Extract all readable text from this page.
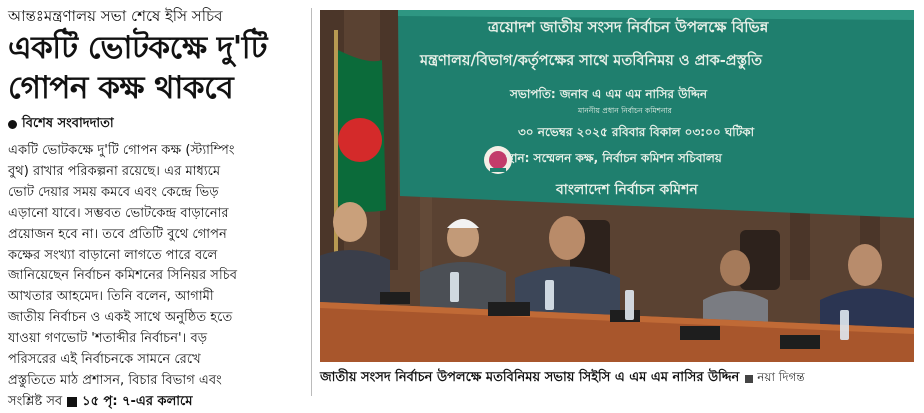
আন্তঃমন্ত্রণালয় সভা শেষে ইসি সচিব
একটি ভোটকক্ষে দু'টি
গোপন কক্ষ থাকবে
বিশেষ সংবাদদাতা
একটি ভোটকক্ষে দু'টি গোপন কক্ষ (স্ট্যাম্পিং
বুথ) রাখার পরিকল্পনা রয়েছে। এর মাধ্যমে
ভোট দেয়ার সময় কমবে এবং কেন্দ্রে ভিড়
এড়ানো যাবে। সম্ভবত ভোটকেন্দ্র বাড়ানোর
প্রয়োজন হবে না। তবে প্রতিটি বুথে গোপন
কক্ষের সংখ্যা বাড়ানো লাগতে পারে বলে
জানিয়েছেন নির্বাচন কমিশনের সিনিয়র সচিব
আখতার আহমেদ। তিনি বলেন, আগামী
জাতীয় নির্বাচন ও একই সাথে অনুষ্ঠিত হতে
যাওয়া গণভোট 'শতাব্দীর নির্বাচন'। বড়
পরিসরের এই নির্বাচনকে সামনে রেখে
প্রস্তুতিতে মাঠ প্রশাসন, বিচার বিভাগ এবং
সংশ্লিষ্ট সব ১৫ পৃ: ৭-এর কলামে
ত্রয়োদশ জাতীয় সংসদ নির্বাচন উপলক্ষে বিভিন্ন
মন্ত্রণালয়/বিভাগ/কর্তৃপক্ষের সাথে মতবিনিময় ও প্রাক-প্রস্তুতি
সভাপতি: জনাব এ এম এম নাসির উদ্দিন
মাননীয় প্রধান নির্বাচন কমিশনার
৩০ নভেম্বর ২০২৫ রবিবার বিকাল ০৩:০০ ঘটিকা
স্থান: সম্মেলন কক্ষ, নির্বাচন কমিশন সচিবালয়
বাংলাদেশ নির্বাচন কমিশন
জাতীয় সংসদ নির্বাচন উপলক্ষে মতবিনিময় সভায় সিইসি এ এম এম নাসির উদ্দিন নয়া দিগন্ত
